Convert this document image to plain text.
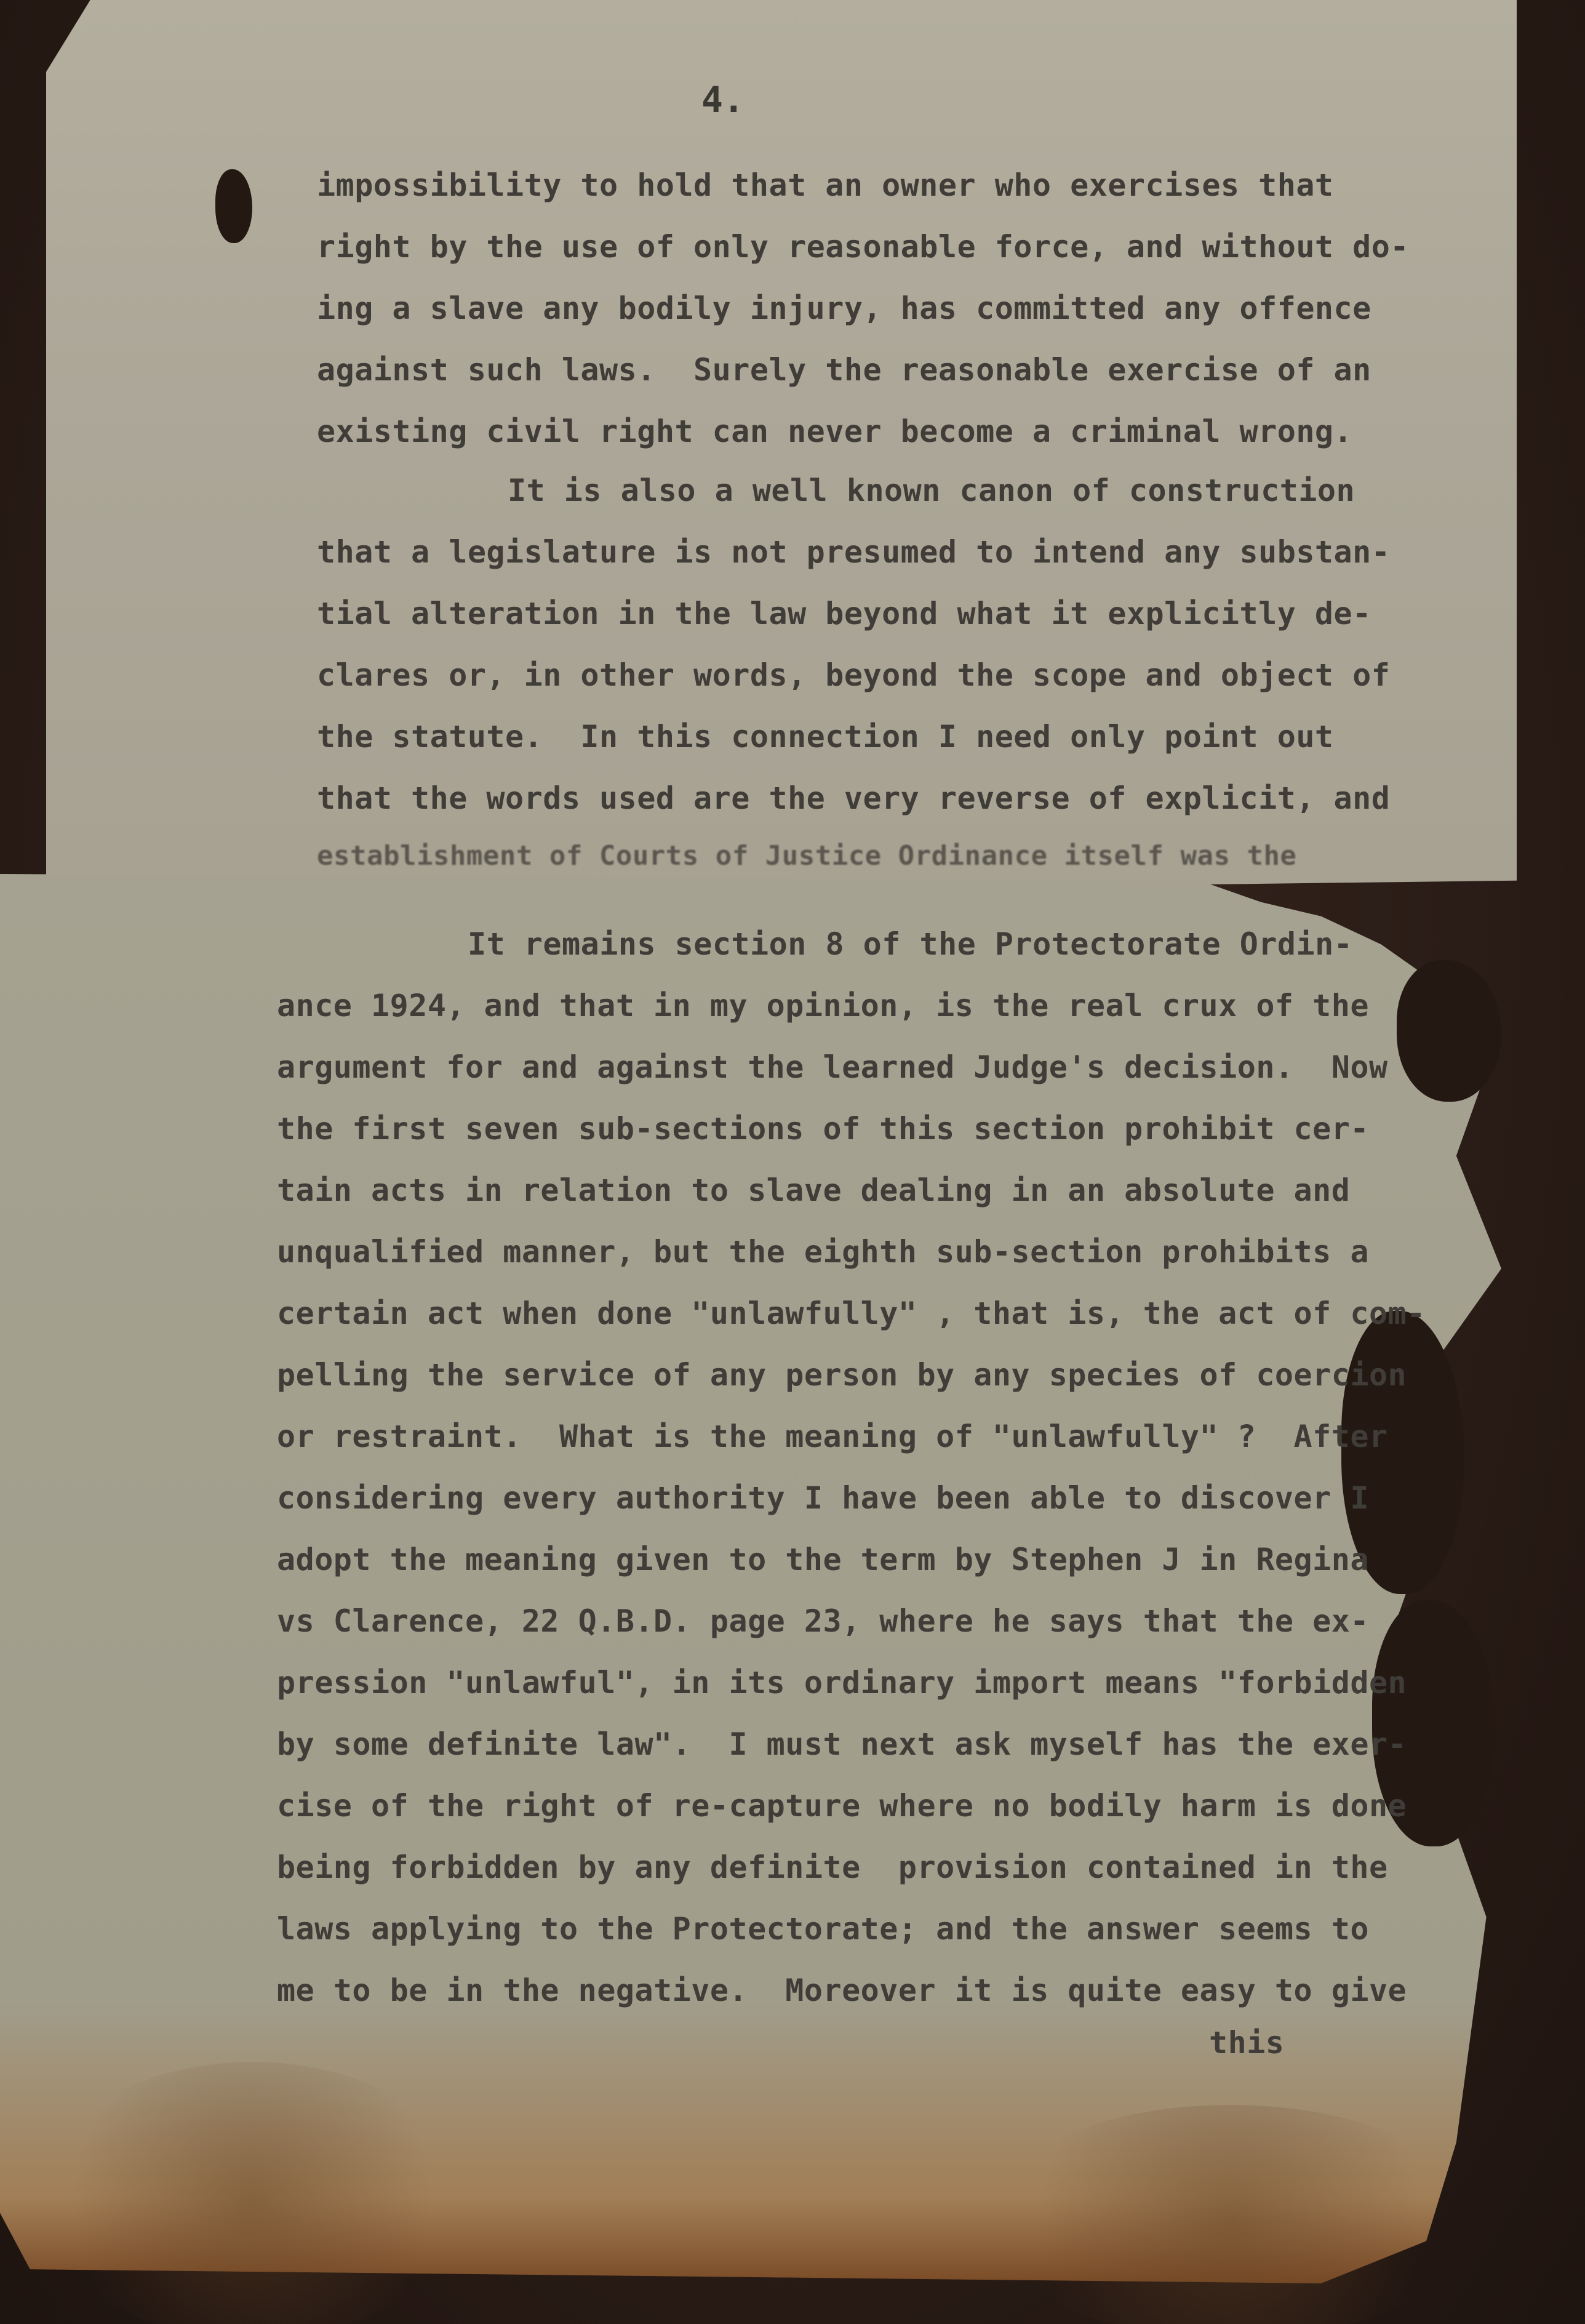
4.
impossibility to hold that an owner who exercises that
right by the use of only reasonable force, and without do-
ing a slave any bodily injury, has committed any offence
against such laws.  Surely the reasonable exercise of an
existing civil right can never become a criminal wrong.
It is also a well known canon of construction
that a legislature is not presumed to intend any substan-
tial alteration in the law beyond what it explicitly de-
clares or, in other words, beyond the scope and object of
the statute.  In this connection I need only point out
that the words used are the very reverse of explicit, and
establishment of Courts of Justice Ordinance itself was the
It remains section 8 of the Protectorate Ordin-
ance 1924, and that in my opinion, is the real crux of the
argument for and against the learned Judge's decision.  Now
the first seven sub-sections of this section prohibit cer-
tain acts in relation to slave dealing in an absolute and
unqualified manner, but the eighth sub-section prohibits a
certain act when done "unlawfully" , that is, the act of com-
pelling the service of any person by any species of coercion
or restraint.  What is the meaning of "unlawfully" ?  After
considering every authority I have been able to discover I
adopt the meaning given to the term by Stephen J in Regina
vs Clarence, 22 Q.B.D. page 23, where he says that the ex-
pression "unlawful", in its ordinary import means "forbidden
by some definite law".  I must next ask myself has the exer-
cise of the right of re-capture where no bodily harm is done
being forbidden by any definite  provision contained in the
laws applying to the Protectorate; and the answer seems to
me to be in the negative.  Moreover it is quite easy to give
this
